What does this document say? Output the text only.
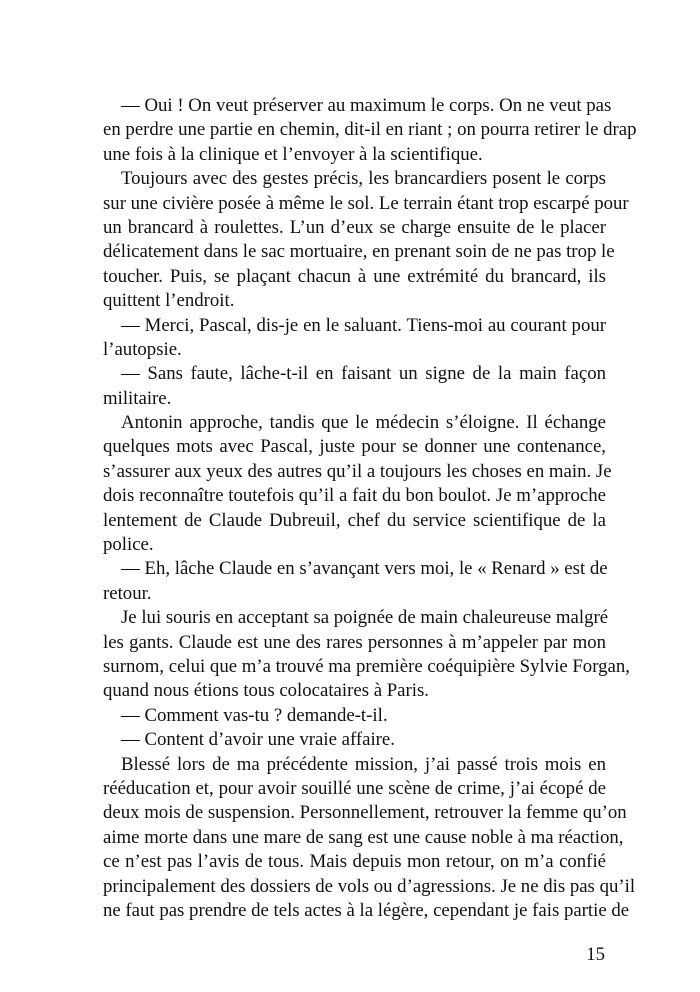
— Oui ! On veut préserver au maximum le corps. On ne veut pas
en perdre une partie en chemin, dit-il en riant ; on pourra retirer le drap
une fois à la clinique et l’envoyer à la scientifique.
Toujours avec des gestes précis, les brancardiers posent le corps
sur une civière posée à même le sol. Le terrain étant trop escarpé pour
un brancard à roulettes. L’un d’eux se charge ensuite de le placer
délicatement dans le sac mortuaire, en prenant soin de ne pas trop le
toucher. Puis, se plaçant chacun à une extrémité du brancard, ils
quittent l’endroit.
— Merci, Pascal, dis-je en le saluant. Tiens-moi au courant pour
l’autopsie.
— Sans faute, lâche-t-il en faisant un signe de la main façon
militaire.
Antonin approche, tandis que le médecin s’éloigne. Il échange
quelques mots avec Pascal, juste pour se donner une contenance,
s’assurer aux yeux des autres qu’il a toujours les choses en main. Je
dois reconnaître toutefois qu’il a fait du bon boulot. Je m’approche
lentement de Claude Dubreuil, chef du service scientifique de la
police.
— Eh, lâche Claude en s’avançant vers moi, le « Renard » est de
retour.
Je lui souris en acceptant sa poignée de main chaleureuse malgré
les gants. Claude est une des rares personnes à m’appeler par mon
surnom, celui que m’a trouvé ma première coéquipière Sylvie Forgan,
quand nous étions tous colocataires à Paris.
— Comment vas-tu ? demande-t-il.
— Content d’avoir une vraie affaire.
Blessé lors de ma précédente mission, j’ai passé trois mois en
rééducation et, pour avoir souillé une scène de crime, j’ai écopé de
deux mois de suspension. Personnellement, retrouver la femme qu’on
aime morte dans une mare de sang est une cause noble à ma réaction,
ce n’est pas l’avis de tous. Mais depuis mon retour, on m’a confié
principalement des dossiers de vols ou d’agressions. Je ne dis pas qu’il
ne faut pas prendre de tels actes à la légère, cependant je fais partie de
15
